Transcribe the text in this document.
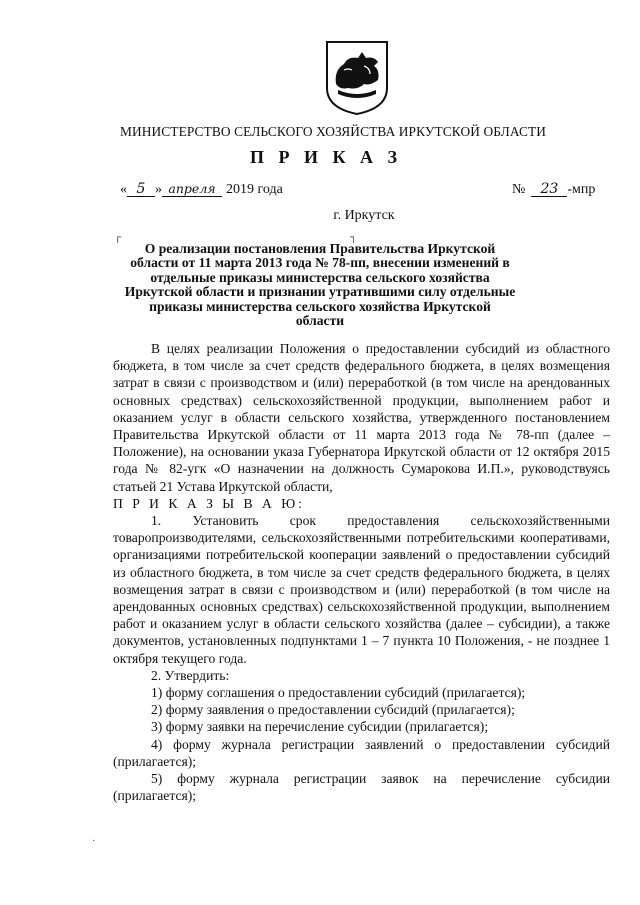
МИНИСТЕРСТВО СЕЛЬСКОГО ХОЗЯЙСТВА ИРКУТСКОЙ ОБЛАСТИ
П Р И К А З
« 5 » апреля 2019 года	№	23 -мпр
г. Иркутск
┌	┐
О реализации постановления Правительства Иркутской области от 11 марта 2013 года № 78-пп, внесении изменений в отдельные приказы министерства сельского хозяйства Иркутской области и признании утратившими силу отдельные приказы министерства сельского хозяйства Иркутской области

В целях реализации Положения о предоставлении субсидий из областного бюджета, в том числе за счет средств федерального бюджета, в целях возмещения затрат в связи с производством и (или) переработкой (в том числе на арендованных основных средствах) сельскохозяйственной продукции, выполнением работ и оказанием услуг в области сельского хозяйства, утвержденного постановлением Правительства Иркутской области от 11 марта 2013 года № 78-пп (далее – Положение), на основании указа Губернатора Иркутской области от 12 октября 2015 года № 82-угк «О назначении на должность Сумарокова И.П.», руководствуясь статьей 21 Устава Иркутской области,

П Р И К А З Ы В А Ю:

1. Установить срок предоставления сельскохозяйственными товаропроизводителями, сельскохозяйственными потребительскими кооперативами, организациями потребительской кооперации заявлений о предоставлении субсидий из областного бюджета, в том числе за счет средств федерального бюджета, в целях возмещения затрат в связи с производством и (или) переработкой (в том числе на арендованных основных средствах) сельскохозяйственной продукции, выполнением работ и оказанием услуг в области сельского хозяйства (далее – субсидии), а также документов, установленных подпунктами 1 – 7 пункта 10 Положения, - не позднее 1 октября текущего года.

2. Утвердить:

1) форму соглашения о предоставлении субсидий (прилагается);

2) форму заявления о предоставлении субсидий (прилагается);

3) форму заявки на перечисление субсидии (прилагается);

4) форму журнала регистрации заявлений о предоставлении субсидий (прилагается);

5) форму журнала регистрации заявок на перечисление субсидии (прилагается);

·
